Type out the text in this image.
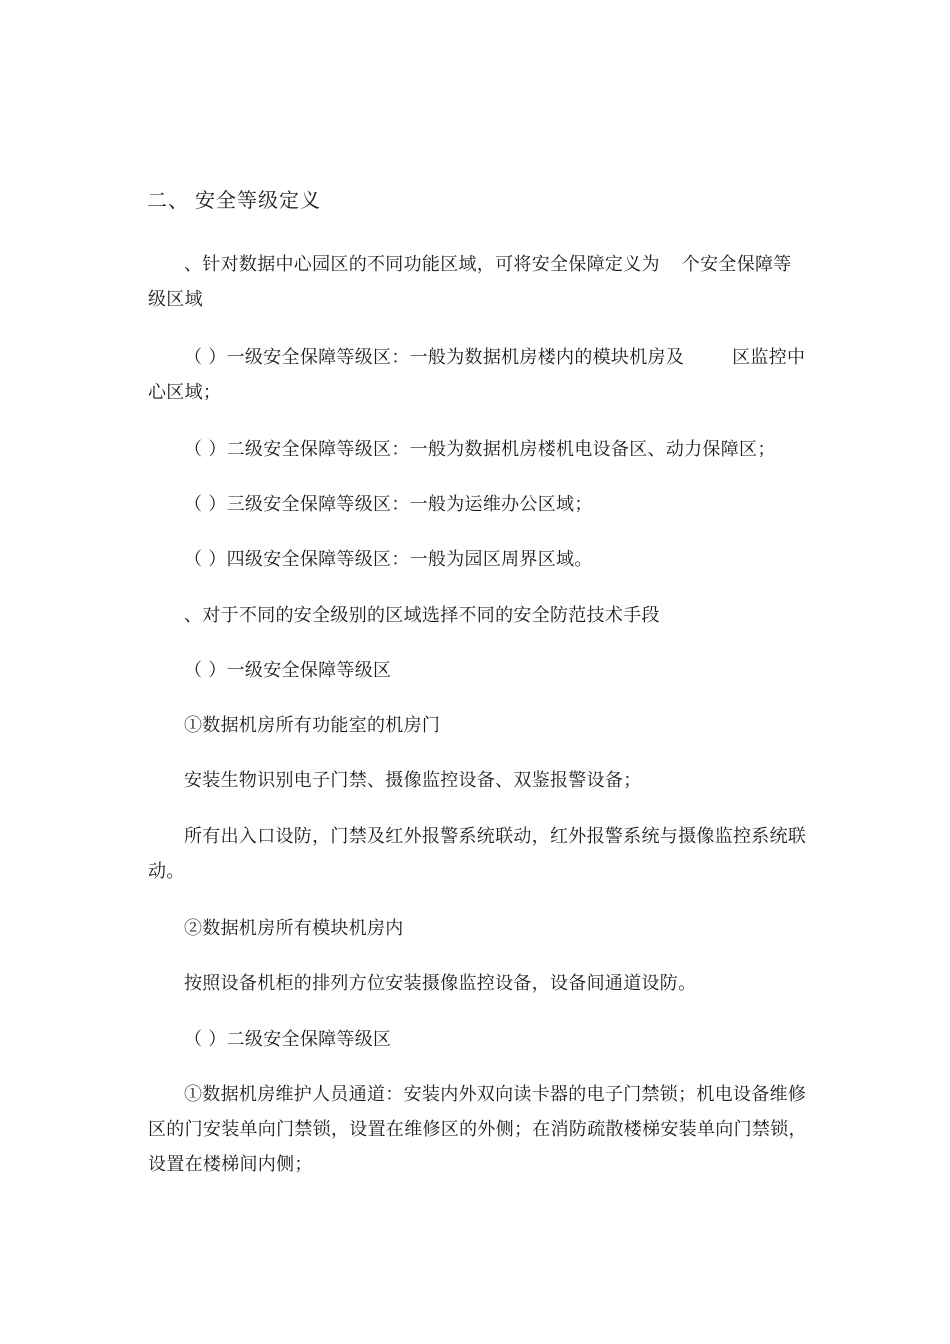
二、 安全等级定义

、针对数据中心园区的不同功能区域，可将安全保障定义为 个安全保障等级区域

（ ）一级安全保障等级区：一般为数据机房楼内的模块机房及	区监控中心区域；

（ ）二级安全保障等级区：一般为数据机房楼机电设备区、动力保障区；

（ ）三级安全保障等级区：一般为运维办公区域；

（ ）四级安全保障等级区：一般为园区周界区域。

、对于不同的安全级别的区域选择不同的安全防范技术手段

（ ）一级安全保障等级区

①数据机房所有功能室的机房门

安装生物识别电子门禁、摄像监控设备、双鉴报警设备；

所有出入口设防，门禁及红外报警系统联动，红外报警系统与摄像监控系统联动。

②数据机房所有模块机房内

按照设备机柜的排列方位安装摄像监控设备，设备间通道设防。

（ ）二级安全保障等级区

①数据机房维护人员通道：安装内外双向读卡器的电子门禁锁；机电设备维修区的门安装单向门禁锁，设置在维修区的外侧；在消防疏散楼梯安装单向门禁锁，设置在楼梯间内侧；
